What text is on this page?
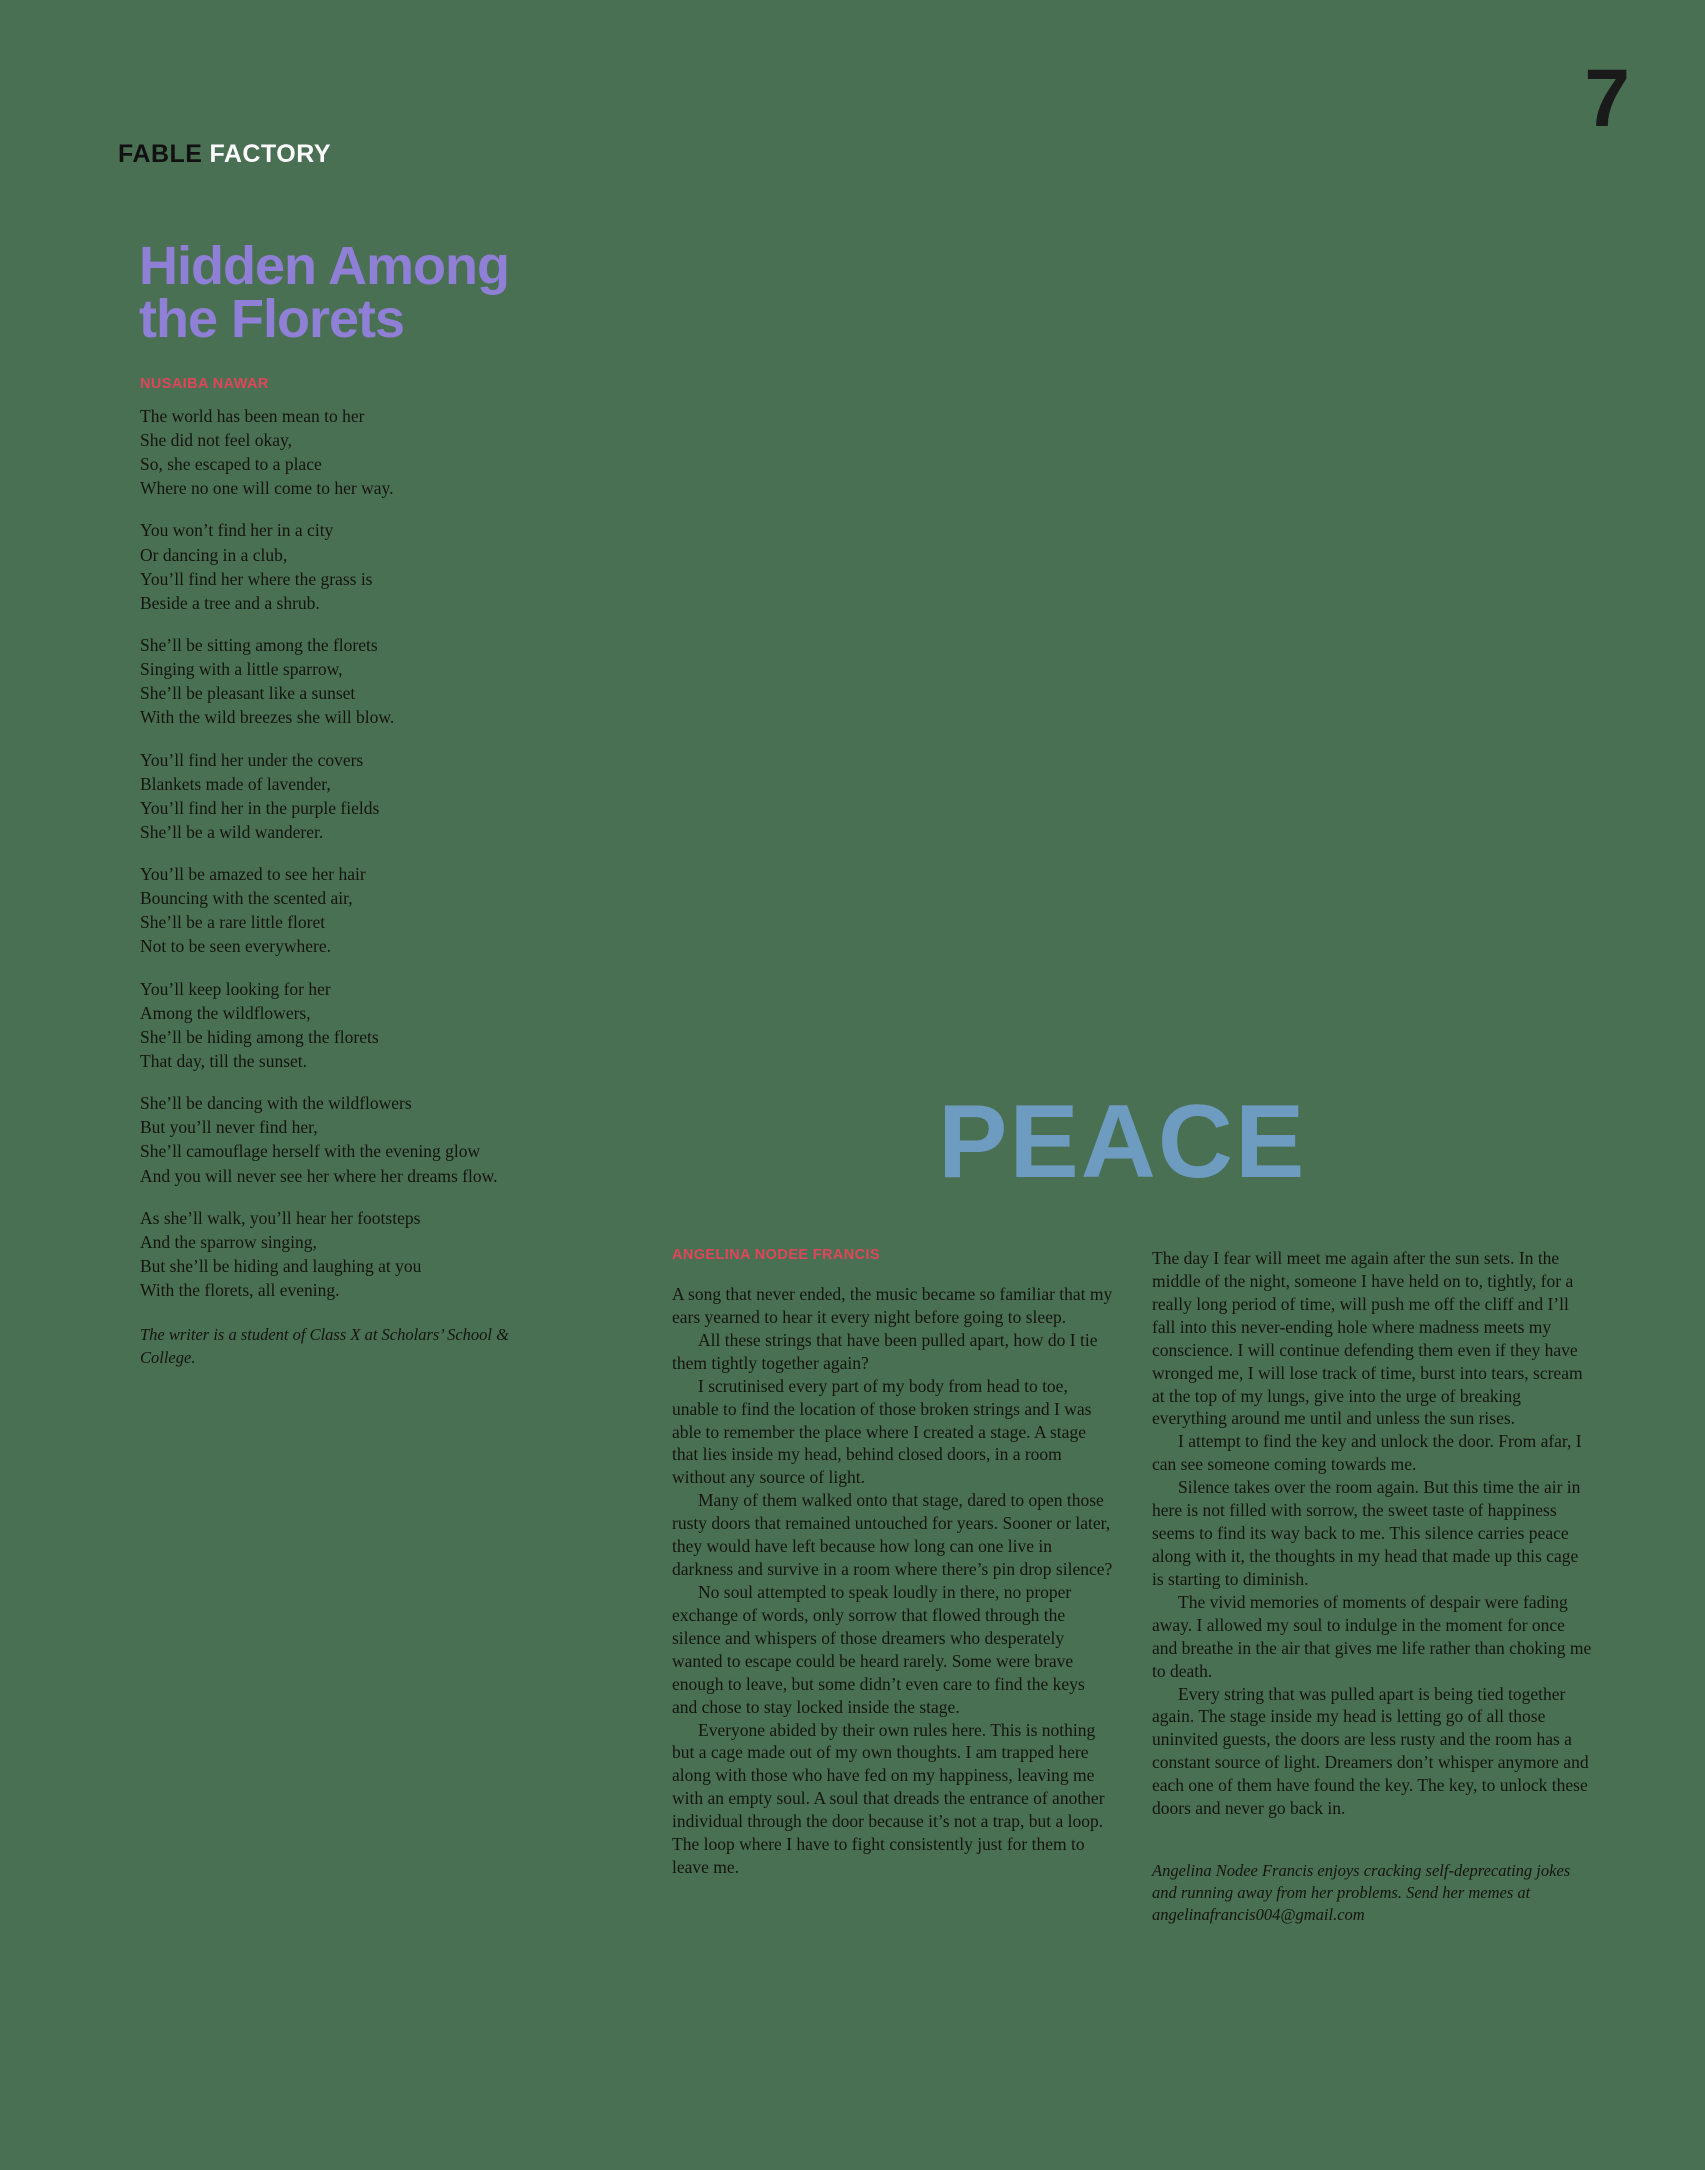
FABLE FACTORY
7
Hidden Among
the Florets
NUSAIBA NAWAR

The world has been mean to her
She did not feel okay,
So, she escaped to a place
Where no one will come to her way.

You won’t find her in a city
Or dancing in a club,
You’ll find her where the grass is
Beside a tree and a shrub.

She’ll be sitting among the florets
Singing with a little sparrow,
She’ll be pleasant like a sunset
With the wild breezes she will blow.

You’ll find her under the covers
Blankets made of lavender,
You’ll find her in the purple fields
She’ll be a wild wanderer.

You’ll be amazed to see her hair
Bouncing with the scented air,
She’ll be a rare little floret
Not to be seen everywhere.

You’ll keep looking for her
Among the wildflowers,
She’ll be hiding among the florets
That day, till the sunset.

She’ll be dancing with the wildflowers
But you’ll never find her,
She’ll camouflage herself with the evening glow
And you will never see her where her dreams flow.

As she’ll walk, you’ll hear her footsteps
And the sparrow singing,
But she’ll be hiding and laughing at you
With the florets, all evening.

The writer is a student of Class X at Scholars’ School & College.
PEACE
ANGELINA NODEE FRANCIS

A song that never ended, the music became so familiar that my ears yearned to hear it every night before going to sleep.

All these strings that have been pulled apart, how do I tie them tightly together again?

I scrutinised every part of my body from head to toe, unable to find the location of those broken strings and I was able to remember the place where I created a stage. A stage that lies inside my head, behind closed doors, in a room without any source of light.

Many of them walked onto that stage, dared to open those rusty doors that remained untouched for years. Sooner or later, they would have left because how long can one live in darkness and survive in a room where there’s pin drop silence?

No soul attempted to speak loudly in there, no proper exchange of words, only sorrow that flowed through the silence and whispers of those dreamers who desperately wanted to escape could be heard rarely. Some were brave enough to leave, but some didn’t even care to find the keys and chose to stay locked inside the stage.

Everyone abided by their own rules here. This is nothing but a cage made out of my own thoughts. I am trapped here along with those who have fed on my happiness, leaving me with an empty soul. A soul that dreads the entrance of another individual through the door because it’s not a trap, but a loop. The loop where I have to fight consistently just for them to leave me.

The day I fear will meet me again after the sun sets. In the middle of the night, someone I have held on to, tightly, for a really long period of time, will push me off the cliff and I’ll fall into this never-ending hole where madness meets my conscience. I will continue defending them even if they have wronged me, I will lose track of time, burst into tears, scream at the top of my lungs, give into the urge of breaking everything around me until and unless the sun rises.

I attempt to find the key and unlock the door. From afar, I can see someone coming towards me.

Silence takes over the room again. But this time the air in here is not filled with sorrow, the sweet taste of happiness seems to find its way back to me. This silence carries peace along with it, the thoughts in my head that made up this cage is starting to diminish.

The vivid memories of moments of despair were fading away. I allowed my soul to indulge in the moment for once and breathe in the air that gives me life rather than choking me to death.

Every string that was pulled apart is being tied together again. The stage inside my head is letting go of all those uninvited guests, the doors are less rusty and the room has a constant source of light. Dreamers don’t whisper anymore and each one of them have found the key. The key, to unlock these doors and never go back in.

Angelina Nodee Francis enjoys cracking self-deprecating jokes and running away from her problems. Send her memes at angelinafrancis004@gmail.com
